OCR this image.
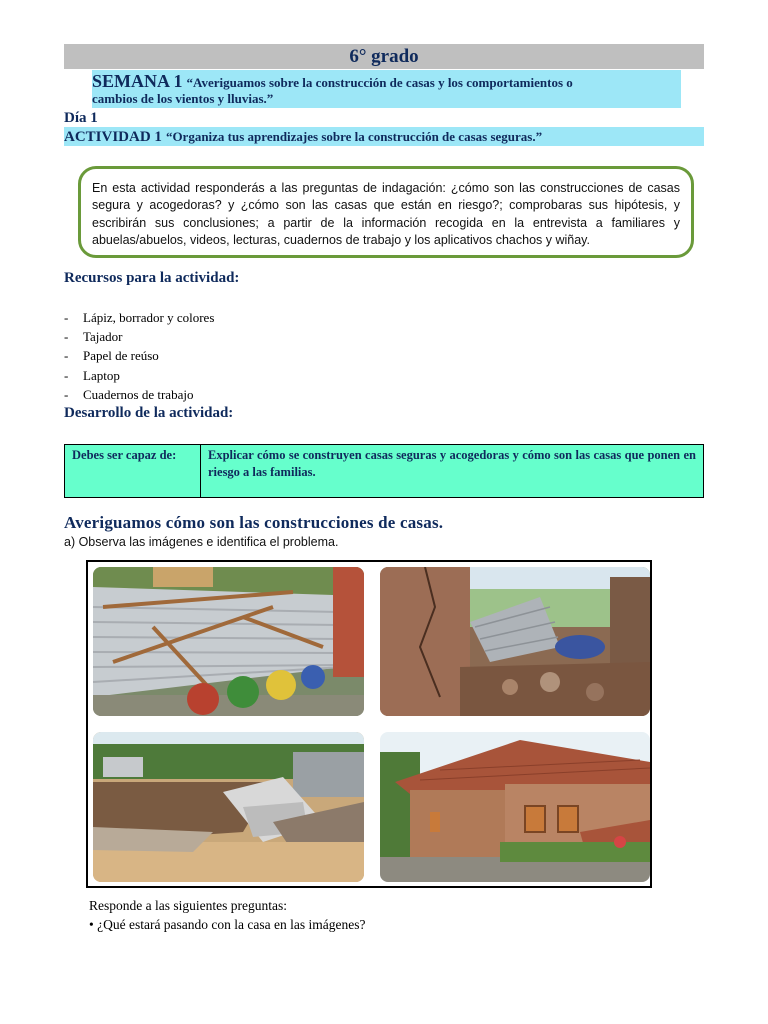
6° grado
SEMANA 1 “Averiguamos sobre la construcción de casas y los comportamientos o
cambios de los vientos y lluvias.”
Día 1
ACTIVIDAD 1 “Organiza tus aprendizajes sobre la construcción de casas seguras.”
En esta actividad responderás a las preguntas de indagación: ¿cómo son las construcciones de casas segura y acogedoras? y ¿cómo son las casas que están en riesgo?; comprobaras sus hipótesis, y escribirán sus conclusiones; a partir de la información recogida en la entrevista a familiares y abuelas/abuelos, videos, lecturas, cuadernos de trabajo y los aplicativos chachos y wiñay.
Recursos para la actividad:
-	Lápiz, borrador y colores
-	Tajador
-	Papel de reúso
-	Laptop
-	Cuadernos de trabajo
Desarrollo de la actividad:
Debes ser capaz de:	Explicar cómo se construyen casas seguras y acogedoras y cómo son las casas que ponen en riesgo a las familias.
Averiguamos cómo son las construcciones de casas.
a) Observa las imágenes e identifica el problema.
Responde a las siguientes preguntas:
• ¿Qué estará pasando con la casa en las imágenes?
